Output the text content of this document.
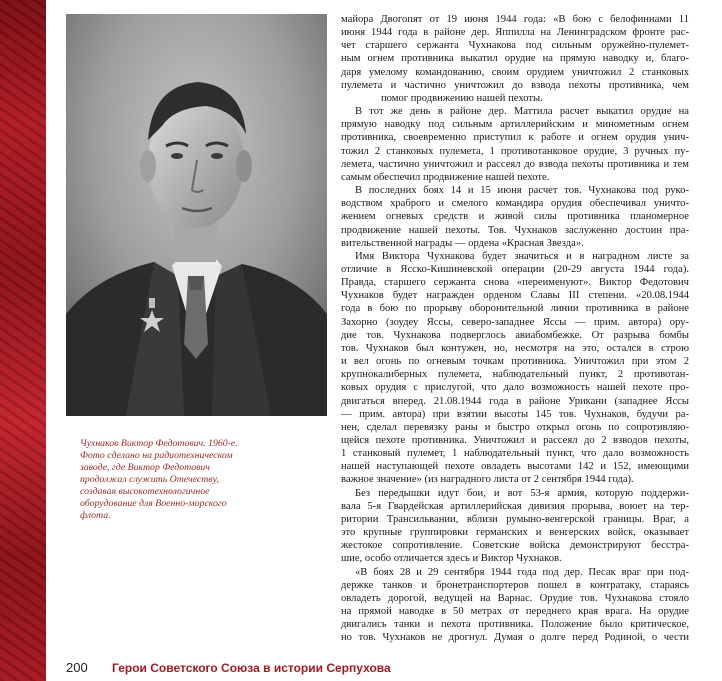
Чухнаков Виктор Федотович. 1960-е.
Фото сделано на радиотехническом
заводе, где Виктор Федотович
продолжал служить Отечеству,
создавая высокотехнологичное
оборудование для Военно-морского
флота.
майора Двогопят от 19 июня 1944 года: «В бою с белофиннами 11
июня 1944 года в районе дер. Яппилла на Ленинградском фронте рас-
чет старшего сержанта Чухнакова под сильным оружейно-пулемет-
ным огнем противника выкатил орудие на прямую наводку и, благо-
даря умелому командованию, своим орудием уничтожил 2 станковых
пулемета и частично уничтожил до взвода пехоты противника, чем
помог продвижению нашей пехоты.
В тот же день в районе дер. Маттила расчет выкатил орудие на
прямую наводку под сильным артиллерийским и минометным огнем
противника, своевременно приступил к работе и огнем орудия унич-
тожил 2 станковых пулемета, 1 противотанковое орудие, 3 ручных пу-
лемета, частично уничтожил и рассеял до взвода пехоты противника и тем
самым обеспечил продвижение нашей пехоте.
В последних боях 14 и 15 июня расчет тов. Чухнакова под руко-
водством храброго и смелого командира орудия обеспечивал уничто-
жением огневых средств и живой силы противника планомерное
продвижение нашей пехоты. Тов. Чухнаков заслуженно достоин пра-
вительственной награды — ордена «Красная Звезда».
Имя Виктора Чухнакова будет значиться и в наградном листе за
отличие в Ясско-Кишиневской операции (20-29 августа 1944 года).
Правда, старшего сержанта снова «переименуют». Виктор Федотович
Чухнаков будет награжден орденом Славы III степени. «20.08.1944
года в бою по прорыву оборонительной линии противника в районе
Захорно (зоудеу Яссы, северо-западнее Яссы — прим. автора) ору-
дие тов. Чухнакова подверглось авиабомбежке. От разрыва бомбы
тов. Чухнаков был контужен, но, несмотря на это, остался в строю
и вел огонь по огневым точкам противника. Уничтожил при этом 2
крупнокалиберных пулемета, наблюдательный пункт, 2 противотан-
ковых орудия с прислугой, что дало возможность нашей пехоте про-
двигаться вперед. 21.08.1944 года в районе Урикани (западнее Яссы
— прим. автора) при взятии высоты 145 тов. Чухнаков, будучи ра-
нен, сделал перевязку раны и быстро открыл огонь по сопротивляю-
щейся пехоте противника. Уничтожил и рассеял до 2 взводов пехоты,
1 станковый пулемет, 1 наблюдательный пункт, что дало возможность
нашей наступающей пехоте овладеть высотами 142 и 152, имеющими
важное значение» (из наградного листа от 2 сентября 1944 года).
Без передышки идут бои, и вот 53-я армия, которую поддержи-
вала 5-я Гвардейская артиллерийская дивизия прорыва, воюет на тер-
ритории Трансильвании, вблизи румыно-венгерской границы. Враг, а
это крупные группировки германских и венгерских войск, оказывает
жестокое сопротивление. Советские войска демонстрируют бесстра-
шие, особо отличается здесь и Виктор Чухнаков.
«В боях 28 и 29 сентября 1944 года под дер. Песак враг при под-
держке танков и бронетранспортеров пошел в контратаку, стараясь
овладеть дорогой, ведущей на Варнас. Орудие тов. Чухнакова стояло
на прямой наводке в 50 метрах от переднего края врага. На орудие
двигались танки и пехота противника. Положение было критическое,
но тов. Чухнаков не дрогнул. Думая о долге перед Родиной, о чести
200 Герои Советского Союза в истории Серпухова
